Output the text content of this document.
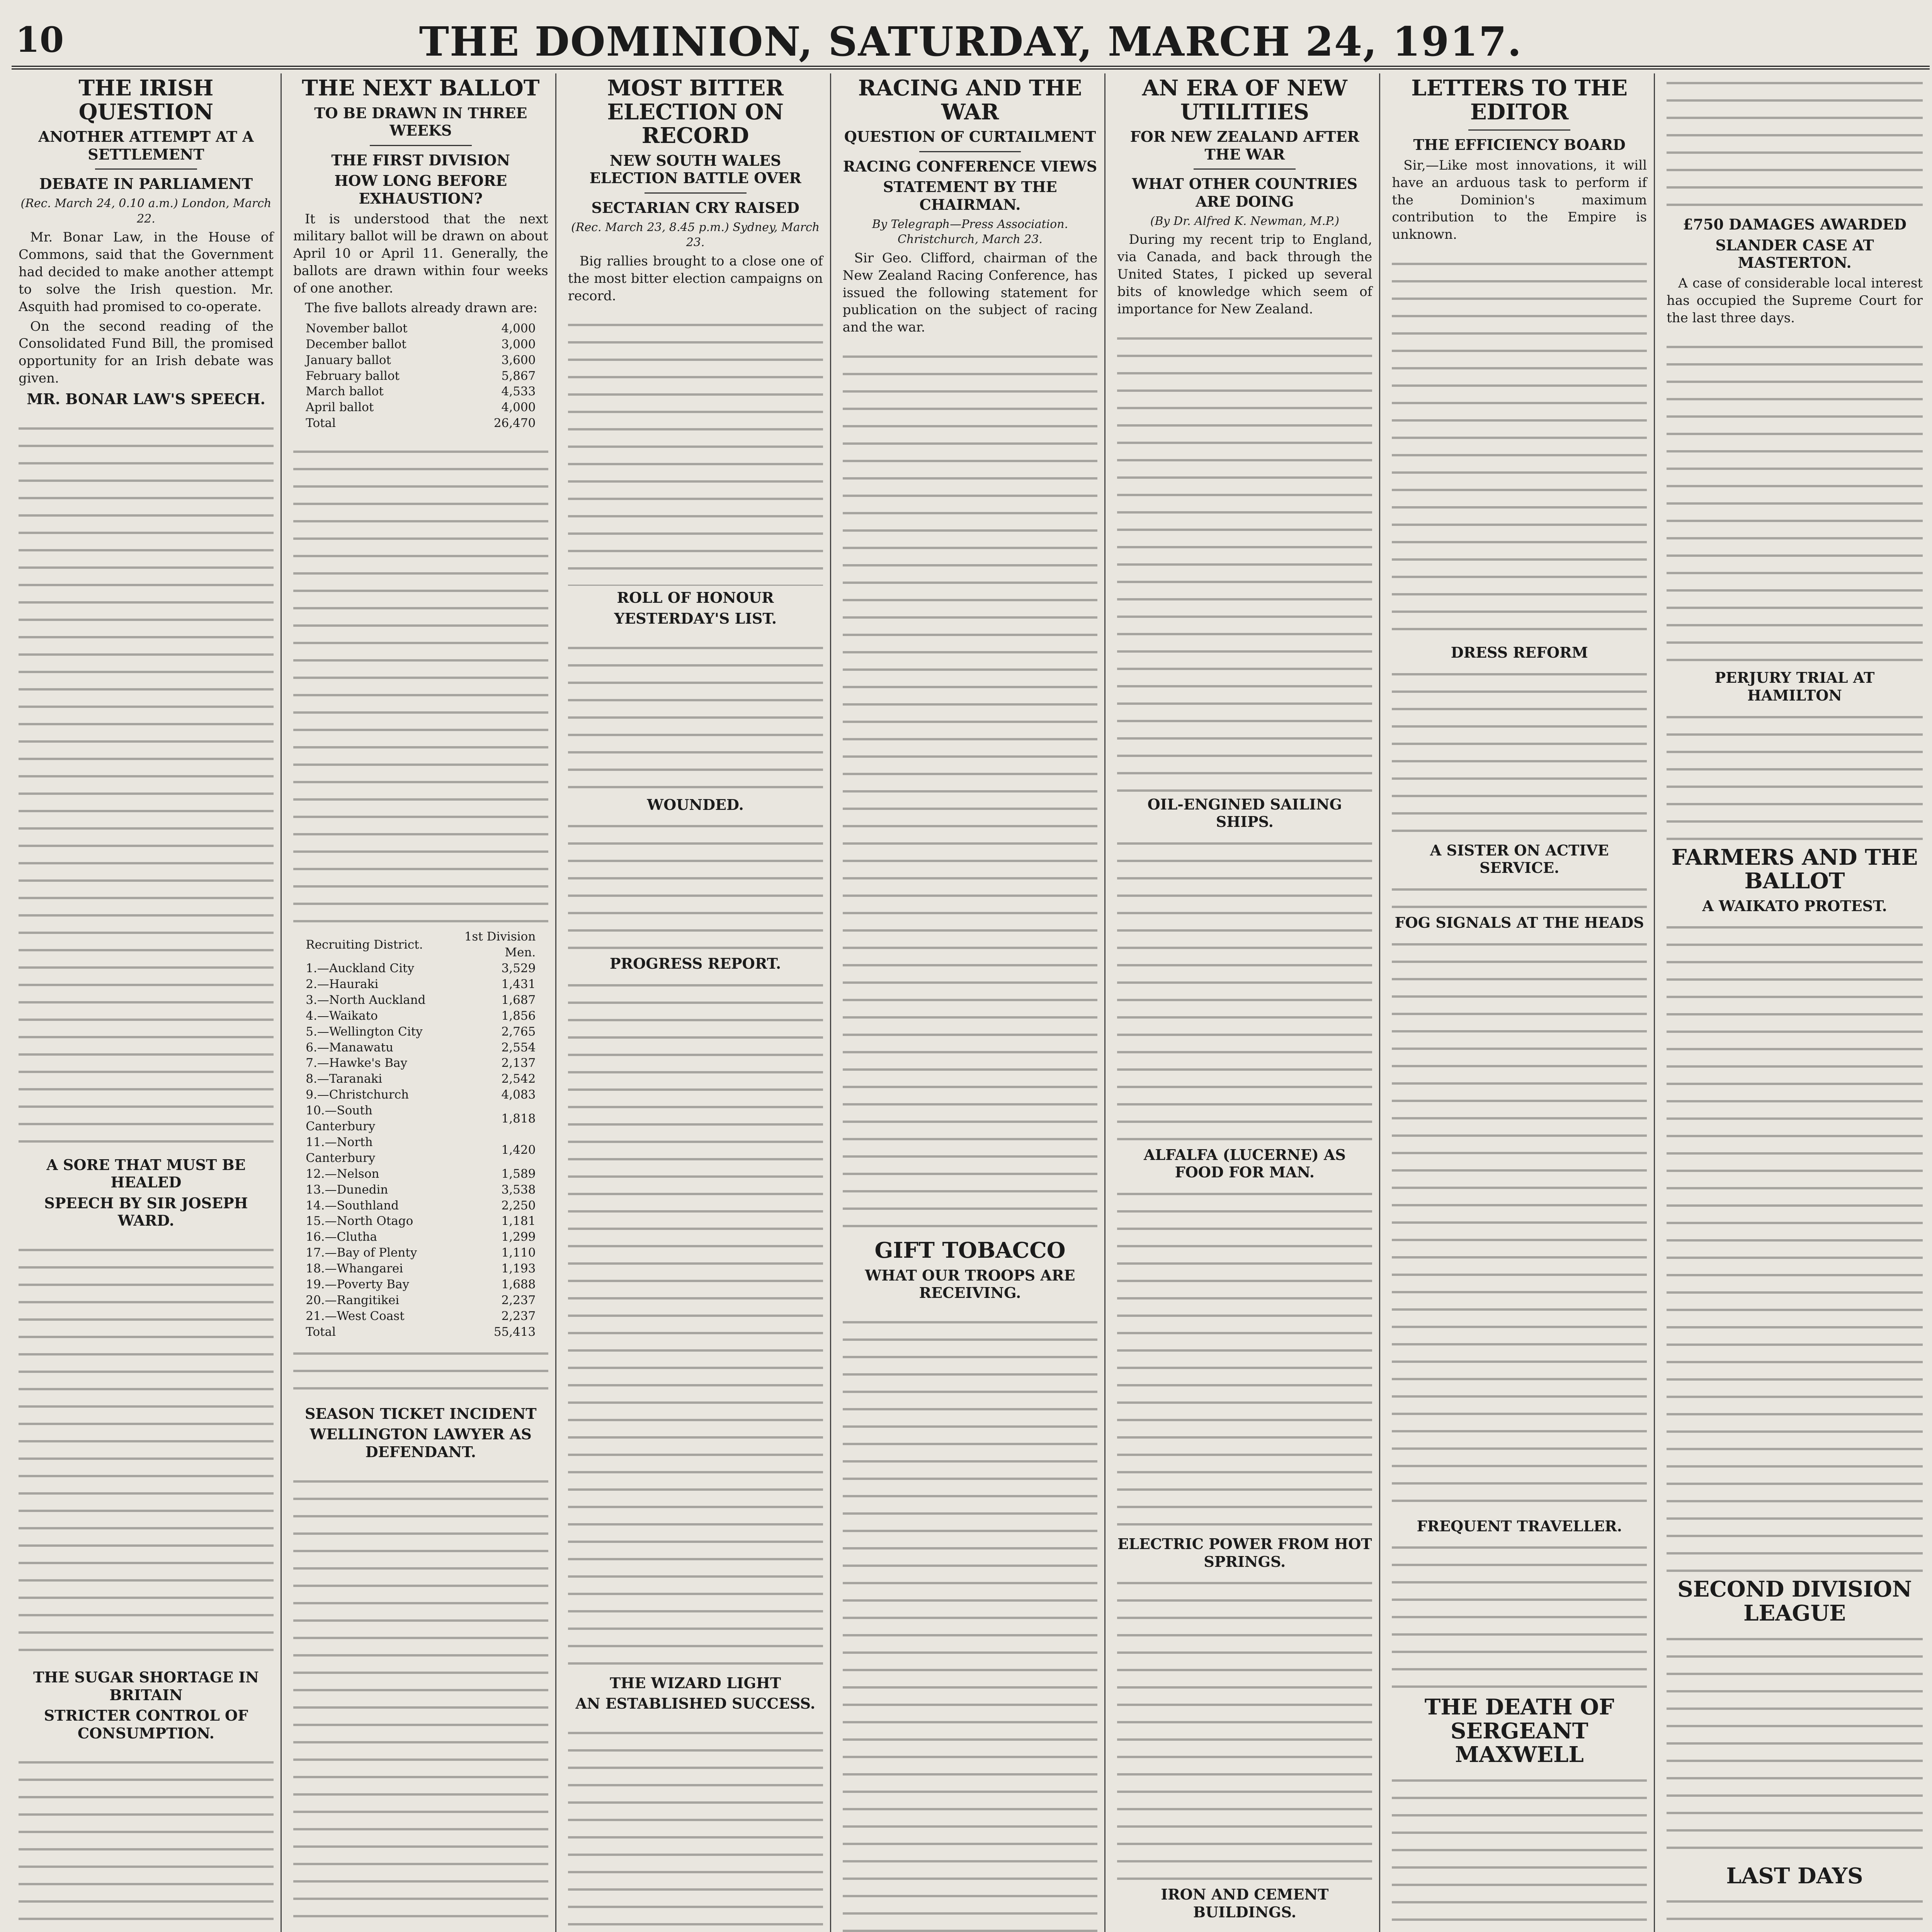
10	THE DOMINION, SATURDAY, MARCH 24, 1917.
THE IRISH QUESTION
ANOTHER ATTEMPT AT A SETTLEMENT
DEBATE IN PARLIAMENT
(Rec. March 24, 0.10 a.m.) London, March 22.

Mr. Bonar Law, in the House of Commons, said that the Government had decided to make another attempt to solve the Irish question. Mr. Asquith had promised to co-operate.

On the second reading of the Consolidated Fund Bill, the promised opportunity for an Irish debate was given.

MR. BONAR LAW'S SPEECH.
A SORE THAT MUST BE HEALED
SPEECH BY SIR JOSEPH WARD.
THE SUGAR SHORTAGE IN BRITAIN
STRICTER CONTROL OF CONSUMPTION.
THE NEXT BALLOT
TO BE DRAWN IN THREE WEEKS
THE FIRST DIVISION
HOW LONG BEFORE EXHAUSTION?

It is understood that the next military ballot will be drawn on about April 10 or April 11. Generally, the ballots are drawn within four weeks of one another.

The five ballots already drawn are:

November ballot	4,000
December ballot	3,000
January ballot	3,600
February ballot	5,867
March ballot	4,533
April ballot	4,000
Total	26,470
Recruiting District.	1st Division Men.
1.—Auckland City	3,529
2.—Hauraki	1,431
3.—North Auckland	1,687
4.—Waikato	1,856
5.—Wellington City	2,765
6.—Manawatu	2,554
7.—Hawke's Bay	2,137
8.—Taranaki	2,542
9.—Christchurch	4,083
10.—South Canterbury	1,818
11.—North Canterbury	1,420
12.—Nelson	1,589
13.—Dunedin	3,538
14.—Southland	2,250
15.—North Otago	1,181
16.—Clutha	1,299
17.—Bay of Plenty	1,110
18.—Whangarei	1,193
19.—Poverty Bay	1,688
20.—Rangitikei	2,237
21.—West Coast	2,237
Total	55,413
SEASON TICKET INCIDENT
WELLINGTON LAWYER AS DEFENDANT.
MOST BITTER ELECTION ON RECORD
NEW SOUTH WALES ELECTION BATTLE OVER
SECTARIAN CRY RAISED
(Rec. March 23, 8.45 p.m.) Sydney, March 23.

Big rallies brought to a close one of the most bitter election campaigns on record.

ROLL OF HONOUR
YESTERDAY'S LIST.
WOUNDED.
PROGRESS REPORT.
THE WIZARD LIGHT
AN ESTABLISHED SUCCESS.

RACING AND THE WAR
QUESTION OF CURTAILMENT
RACING CONFERENCE VIEWS
STATEMENT BY THE CHAIRMAN.
By Telegraph—Press Association. Christchurch, March 23.

Sir Geo. Clifford, chairman of the New Zealand Racing Conference, has issued the following statement for publication on the subject of racing and the war.

GIFT TOBACCO
WHAT OUR TROOPS ARE RECEIVING.
AN ERA OF NEW UTILITIES
FOR NEW ZEALAND AFTER THE WAR
WHAT OTHER COUNTRIES ARE DOING
(By Dr. Alfred K. Newman, M.P.)

During my recent trip to England, via Canada, and back through the United States, I picked up several bits of knowledge which seem of importance for New Zealand.

OIL-ENGINED SAILING SHIPS.
ALFALFA (LUCERNE) AS FOOD FOR MAN.
ELECTRIC POWER FROM HOT SPRINGS.
IRON AND CEMENT BUILDINGS.
LETTERS TO THE EDITOR
THE EFFICIENCY BOARD

Sir,—Like most innovations, it will have an arduous task to perform if the Dominion's maximum contribution to the Empire is unknown.

DRESS REFORM
A SISTER ON ACTIVE SERVICE.
FOG SIGNALS AT THE HEADS
FREQUENT TRAVELLER.
THE DEATH OF SERGEANT MAXWELL
£750 DAMAGES AWARDED
SLANDER CASE AT MASTERTON.

A case of considerable local interest has occupied the Supreme Court for the last three days.

PERJURY TRIAL AT HAMILTON
FARMERS AND THE BALLOT
A WAIKATO PROTEST.
SECOND DIVISION LEAGUE
LAST DAYS
